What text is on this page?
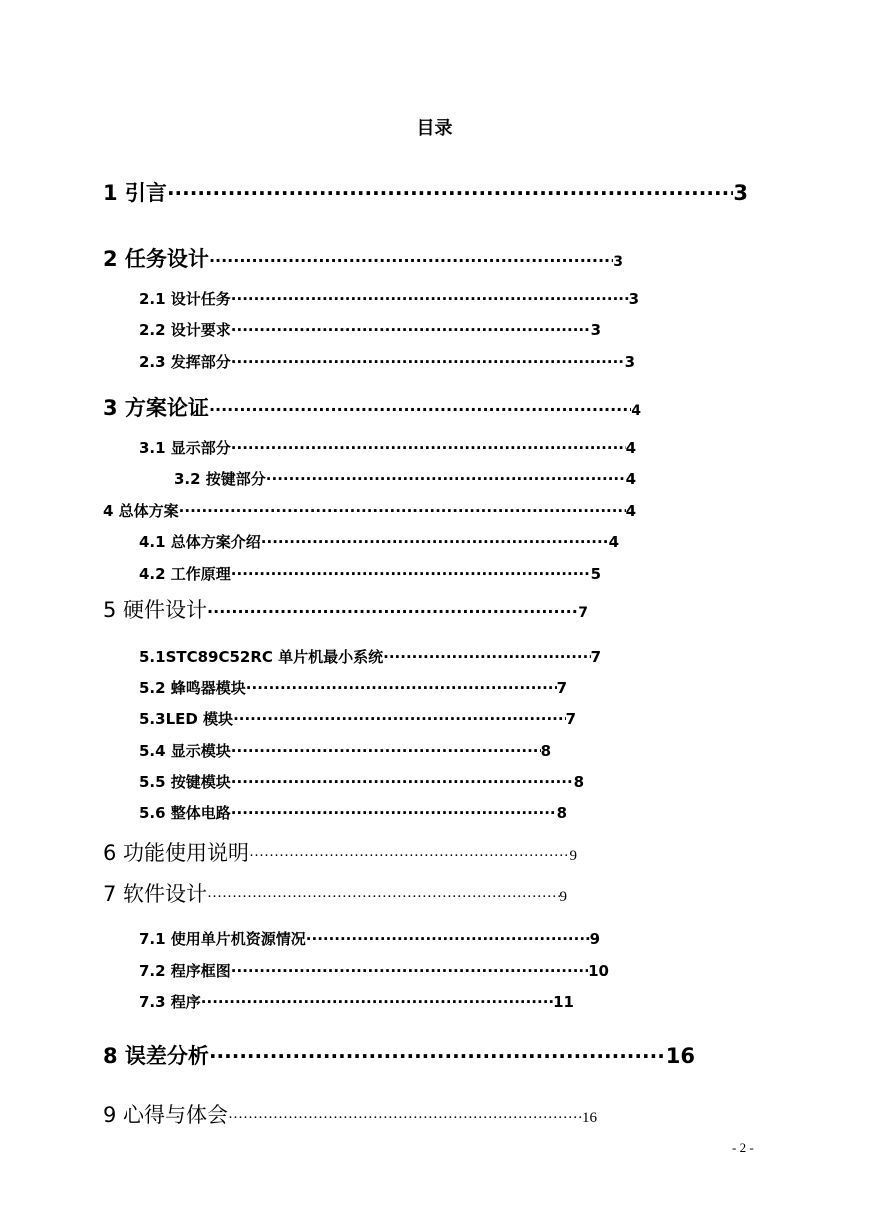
目录
1 引言 ·····	3
2 任务设计 ·····	3
2.1 设计任务 ·····	3
2.2 设计要求 ·····	3
2.3 发挥部分 ·····	3
3 方案论证 ·····	4
3.1 显示部分 ·····	4
3.2 按键部分 ·····	4
4 总体方案 ·····	4
4.1 总体方案介绍 ·····	4
4.2 工作原理 ·····	5
5 硬件设计 ·····	7
5.1STC89C52RC 单片机最小系统 ·····	7
5.2 蜂鸣器模块 ·····	7
5.3LED 模块 ·····	7
5.4 显示模块 ·····	8
5.5 按键模块 ·····	8
5.6 整体电路 ·····	8
6 功能使用说明 ·····	9
7 软件设计 ·····	9
7.1 使用单片机资源情况 ·····	9
7.2 程序框图 ·····	10
7.3 程序 ·····	11
8 误差分析 ·····	16
9 心得与体会 ·····	16
- 2 -
